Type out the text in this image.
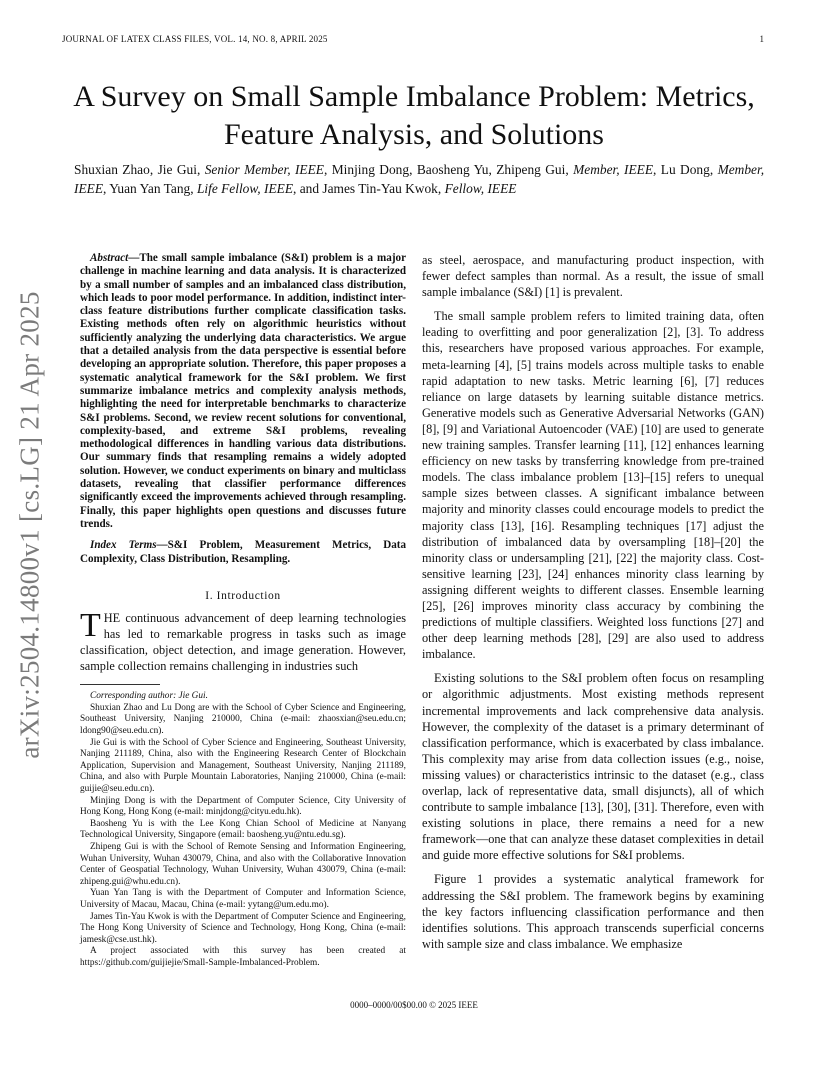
JOURNAL OF LATEX CLASS FILES, VOL. 14, NO. 8, APRIL 2025	1
A Survey on Small Sample Imbalance Problem: Metrics, Feature Analysis, and Solutions
Shuxian Zhao, Jie Gui, Senior Member, IEEE, Minjing Dong, Baosheng Yu, Zhipeng Gui, Member, IEEE, Lu Dong, Member, IEEE, Yuan Yan Tang, Life Fellow, IEEE, and James Tin-Yau Kwok, Fellow, IEEE
arXiv:2504.14800v1 [cs.LG] 21 Apr 2025

Abstract—The small sample imbalance (S&I) problem is a major challenge in machine learning and data analysis. It is characterized by a small number of samples and an imbalanced class distribution, which leads to poor model performance. In addition, indistinct inter-class feature distributions further complicate classification tasks. Existing methods often rely on algorithmic heuristics without sufficiently analyzing the underlying data characteristics. We argue that a detailed analysis from the data perspective is essential before developing an appropriate solution. Therefore, this paper proposes a systematic analytical framework for the S&I problem. We first summarize imbalance metrics and complexity analysis methods, highlighting the need for interpretable benchmarks to characterize S&I problems. Second, we review recent solutions for conventional, complexity-based, and extreme S&I problems, revealing methodological differences in handling various data distributions. Our summary finds that resampling remains a widely adopted solution. However, we conduct experiments on binary and multiclass datasets, revealing that classifier performance differences significantly exceed the improvements achieved through resampling. Finally, this paper highlights open questions and discusses future trends.

Index Terms—S&I Problem, Measurement Metrics, Data Complexity, Class Distribution, Resampling.

I. Introduction

THE continuous advancement of deep learning technologies has led to remarkable progress in tasks such as image classification, object detection, and image generation. However, sample collection remains challenging in industries such

Corresponding author: Jie Gui.

Shuxian Zhao and Lu Dong are with the School of Cyber Science and Engineering, Southeast University, Nanjing 210000, China (e-mail: zhaosxian@seu.edu.cn; ldong90@seu.edu.cn).

Jie Gui is with the School of Cyber Science and Engineering, Southeast University, Nanjing 211189, China, also with the Engineering Research Center of Blockchain Application, Supervision and Management, Southeast University, Nanjing 211189, China, and also with Purple Mountain Laboratories, Nanjing 210000, China (e-mail: guijie@seu.edu.cn).

Minjing Dong is with the Department of Computer Science, City University of Hong Kong, Hong Kong (e-mail: minjdong@cityu.edu.hk).

Baosheng Yu is with the Lee Kong Chian School of Medicine at Nanyang Technological University, Singapore (email: baosheng.yu@ntu.edu.sg).

Zhipeng Gui is with the School of Remote Sensing and Information Engineering, Wuhan University, Wuhan 430079, China, and also with the Collaborative Innovation Center of Geospatial Technology, Wuhan University, Wuhan 430079, China (e-mail: zhipeng.gui@whu.edu.cn).

Yuan Yan Tang is with the Department of Computer and Information Science, University of Macau, Macau, China (e-mail: yytang@um.edu.mo).

James Tin-Yau Kwok is with the Department of Computer Science and Engineering, The Hong Kong University of Science and Technology, Hong Kong, China (e-mail: jamesk@cse.ust.hk).

A project associated with this survey has been created at https://github.com/guijiejie/Small-Sample-Imbalanced-Problem.

as steel, aerospace, and manufacturing product inspection, with fewer defect samples than normal. As a result, the issue of small sample imbalance (S&I) [1] is prevalent.

The small sample problem refers to limited training data, often leading to overfitting and poor generalization [2], [3]. To address this, researchers have proposed various approaches. For example, meta-learning [4], [5] trains models across multiple tasks to enable rapid adaptation to new tasks. Metric learning [6], [7] reduces reliance on large datasets by learning suitable distance metrics. Generative models such as Generative Adversarial Networks (GAN) [8], [9] and Variational Autoencoder (VAE) [10] are used to generate new training samples. Transfer learning [11], [12] enhances learning efficiency on new tasks by transferring knowledge from pre-trained models. The class imbalance problem [13]–[15] refers to unequal sample sizes between classes. A significant imbalance between majority and minority classes could encourage models to predict the majority class [13], [16]. Resampling techniques [17] adjust the distribution of imbalanced data by oversampling [18]–[20] the minority class or undersampling [21], [22] the majority class. Cost-sensitive learning [23], [24] enhances minority class learning by assigning different weights to different classes. Ensemble learning [25], [26] improves minority class accuracy by combining the predictions of multiple classifiers. Weighted loss functions [27] and other deep learning methods [28], [29] are also used to address imbalance.

Existing solutions to the S&I problem often focus on resampling or algorithmic adjustments. Most existing methods represent incremental improvements and lack comprehensive data analysis. However, the complexity of the dataset is a primary determinant of classification performance, which is exacerbated by class imbalance. This complexity may arise from data collection issues (e.g., noise, missing values) or characteristics intrinsic to the dataset (e.g., class overlap, lack of representative data, small disjuncts), all of which contribute to sample imbalance [13], [30], [31]. Therefore, even with existing solutions in place, there remains a need for a new framework—one that can analyze these dataset complexities in detail and guide more effective solutions for S&I problems.

Figure 1 provides a systematic analytical framework for addressing the S&I problem. The framework begins by examining the key factors influencing classification performance and then identifies solutions. This approach transcends superficial concerns with sample size and class imbalance. We emphasize

0000–0000/00$00.00 © 2025 IEEE
